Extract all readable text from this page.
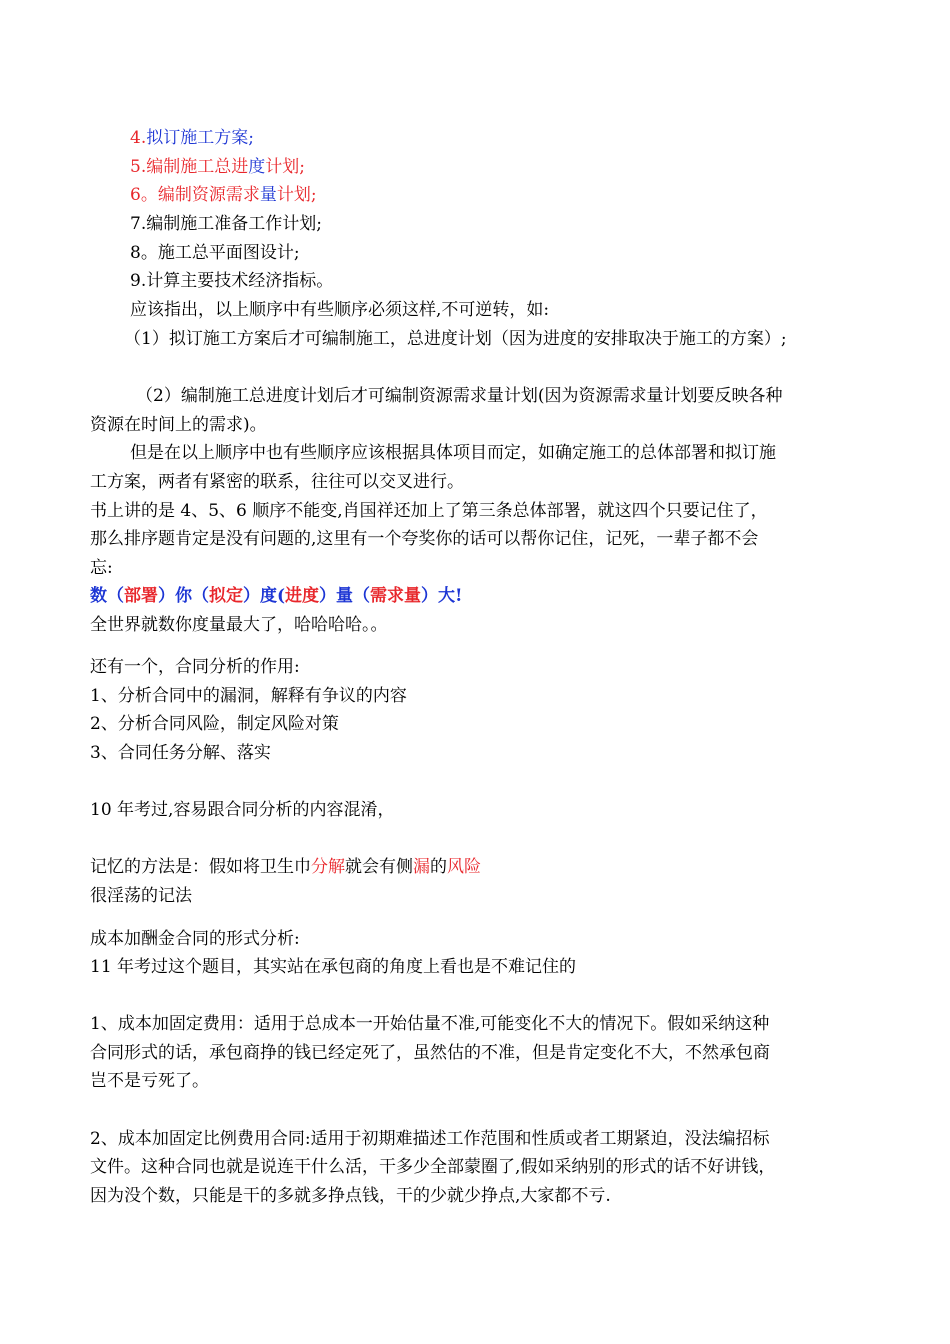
4.拟订施工方案;
5.编制施工总进度计划;
6。编制资源需求量计划;
7.编制施工准备工作计划;
8。施工总平面图设计;
9.计算主要技术经济指标。
应该指出，以上顺序中有些顺序必须这样,不可逆转，如:
（1）拟订施工方案后才可编制施工，总进度计划（因为进度的安排取决于施工的方案）;
（2）编制施工总进度计划后才可编制资源需求量计划(因为资源需求量计划要反映各种
资源在时间上的需求)。
但是在以上顺序中也有些顺序应该根据具体项目而定，如确定施工的总体部署和拟订施
工方案，两者有紧密的联系，往往可以交叉进行。
书上讲的是 4、5、6 顺序不能变,肖国祥还加上了第三条总体部署，就这四个只要记住了，
那么排序题肯定是没有问题的,这里有一个夸奖你的话可以帮你记住，记死，一辈子都不会
忘:
数（部署）你（拟定）度(进度）量（需求量）大!
全世界就数你度量最大了，哈哈哈哈。。
还有一个，合同分析的作用:
1、分析合同中的漏洞，解释有争议的内容
2、分析合同风险，制定风险对策
3、合同任务分解、落实
10 年考过,容易跟合同分析的内容混淆，
记忆的方法是：假如将卫生巾分解就会有侧漏的风险
很淫荡的记法
成本加酬金合同的形式分析:
11 年考过这个题目，其实站在承包商的角度上看也是不难记住的
1、成本加固定费用：适用于总成本一开始估量不准,可能变化不大的情况下。假如采纳这种
合同形式的话，承包商挣的钱已经定死了，虽然估的不准，但是肯定变化不大，不然承包商
岂不是亏死了。
2、成本加固定比例费用合同:适用于初期难描述工作范围和性质或者工期紧迫，没法编招标
文件。这种合同也就是说连干什么活，干多少全部蒙圈了,假如采纳别的形式的话不好讲钱，
因为没个数，只能是干的多就多挣点钱，干的少就少挣点,大家都不亏.
